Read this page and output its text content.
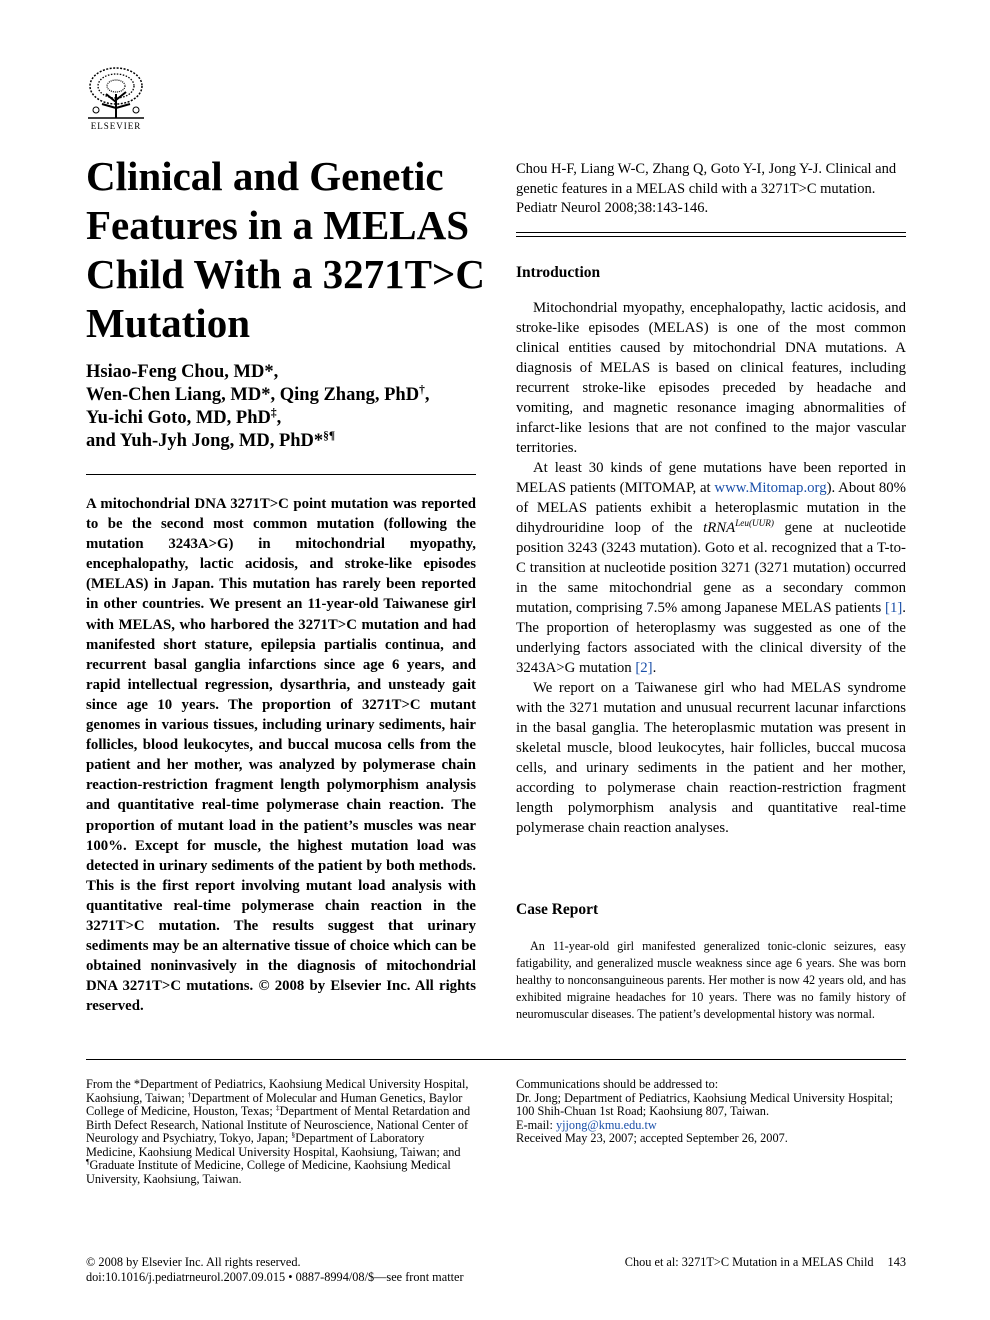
ELSEVIER
Clinical and Genetic Features in a MELAS Child With a 3271T>C Mutation
Hsiao-Feng Chou, MD*,
Wen-Chen Liang, MD*, Qing Zhang, PhD†,
Yu-ichi Goto, MD, PhD‡,
and Yuh-Jyh Jong, MD, PhD*§¶
A mitochondrial DNA 3271T>C point mutation was reported to be the second most common mutation (following the mutation 3243A>G) in mitochondrial myopathy, encephalopathy, lactic acidosis, and stroke-like episodes (MELAS) in Japan. This mutation has rarely been reported in other countries. We present an 11-year-old Taiwanese girl with MELAS, who harbored the 3271T>C mutation and had manifested short stature, epilepsia partialis continua, and recurrent basal ganglia infarctions since age 6 years, and rapid intellectual regression, dysarthria, and unsteady gait since age 10 years. The proportion of 3271T>C mutant genomes in various tissues, including urinary sediments, hair follicles, blood leukocytes, and buccal mucosa cells from the patient and her mother, was analyzed by polymerase chain reaction-restriction fragment length polymorphism analysis and quantitative real-time polymerase chain reaction. The proportion of mutant load in the patient’s muscles was near 100%. Except for muscle, the highest mutation load was detected in urinary sediments of the patient by both methods. This is the first report involving mutant load analysis with quantitative real-time polymerase chain reaction in the 3271T>C mutation. The results suggest that urinary sediments may be an alternative tissue of choice which can be obtained noninvasively in the diagnosis of mitochondrial DNA 3271T>C mutations. © 2008 by Elsevier Inc. All rights reserved.
Chou H-F, Liang W-C, Zhang Q, Goto Y-I, Jong Y-J. Clinical and genetic features in a MELAS child with a 3271T>C mutation. Pediatr Neurol 2008;38:143-146.
Introduction

Mitochondrial myopathy, encephalopathy, lactic acidosis, and stroke-like episodes (MELAS) is one of the most common clinical entities caused by mitochondrial DNA mutations. A diagnosis of MELAS is based on clinical features, including recurrent stroke-like episodes preceded by headache and vomiting, and magnetic resonance imaging abnormalities of infarct-like lesions that are not confined to the major vascular territories.

At least 30 kinds of gene mutations have been reported in MELAS patients (MITOMAP, at www.Mitomap.org). About 80% of MELAS patients exhibit a heteroplasmic mutation in the dihydrouridine loop of the tRNA$^{Leu(UUR)}$ gene at nucleotide position 3243 (3243 mutation). Goto et al. recognized that a T-to-C transition at nucleotide position 3271 (3271 mutation) occurred in the same mitochondrial gene as a secondary common mutation, comprising 7.5% among Japanese MELAS patients [1]. The proportion of heteroplasmy was suggested as one of the underlying factors associated with the clinical diversity of the 3243A>G mutation [2].

We report on a Taiwanese girl who had MELAS syndrome with the 3271 mutation and unusual recurrent lacunar infarctions in the basal ganglia. The heteroplasmic mutation was present in skeletal muscle, blood leukocytes, hair follicles, buccal mucosa cells, and urinary sediments in the patient and her mother, according to polymerase chain reaction-restriction fragment length polymorphism analysis and quantitative real-time polymerase chain reaction analyses.

Case Report

An 11-year-old girl manifested generalized tonic-clonic seizures, easy fatigability, and generalized muscle weakness since age 6 years. She was born healthy to nonconsanguineous parents. Her mother is now 42 years old, and has exhibited migraine headaches for 10 years. There was no family history of neuromuscular diseases. The patient’s developmental history was normal.

From the *Department of Pediatrics, Kaohsiung Medical University Hospital, Kaohsiung, Taiwan; †Department of Molecular and Human Genetics, Baylor College of Medicine, Houston, Texas; ‡Department of Mental Retardation and Birth Defect Research, National Institute of Neuroscience, National Center of Neurology and Psychiatry, Tokyo, Japan; §Department of Laboratory Medicine, Kaohsiung Medical University Hospital, Kaohsiung, Taiwan; and ¶Graduate Institute of Medicine, College of Medicine, Kaohsiung Medical University, Kaohsiung, Taiwan.

Communications should be addressed to:

Dr. Jong; Department of Pediatrics, Kaohsiung Medical University Hospital; 100 Shih-Chuan 1st Road; Kaohsiung 807, Taiwan.

E-mail: yjjong@kmu.edu.tw

Received May 23, 2007; accepted September 26, 2007.

© 2008 by Elsevier Inc. All rights reserved.
doi:10.1016/j.pediatrneurol.2007.09.015 • 0887-8994/08/$—see front matter
Chou et al: 3271T>C Mutation in a MELAS Child 143
